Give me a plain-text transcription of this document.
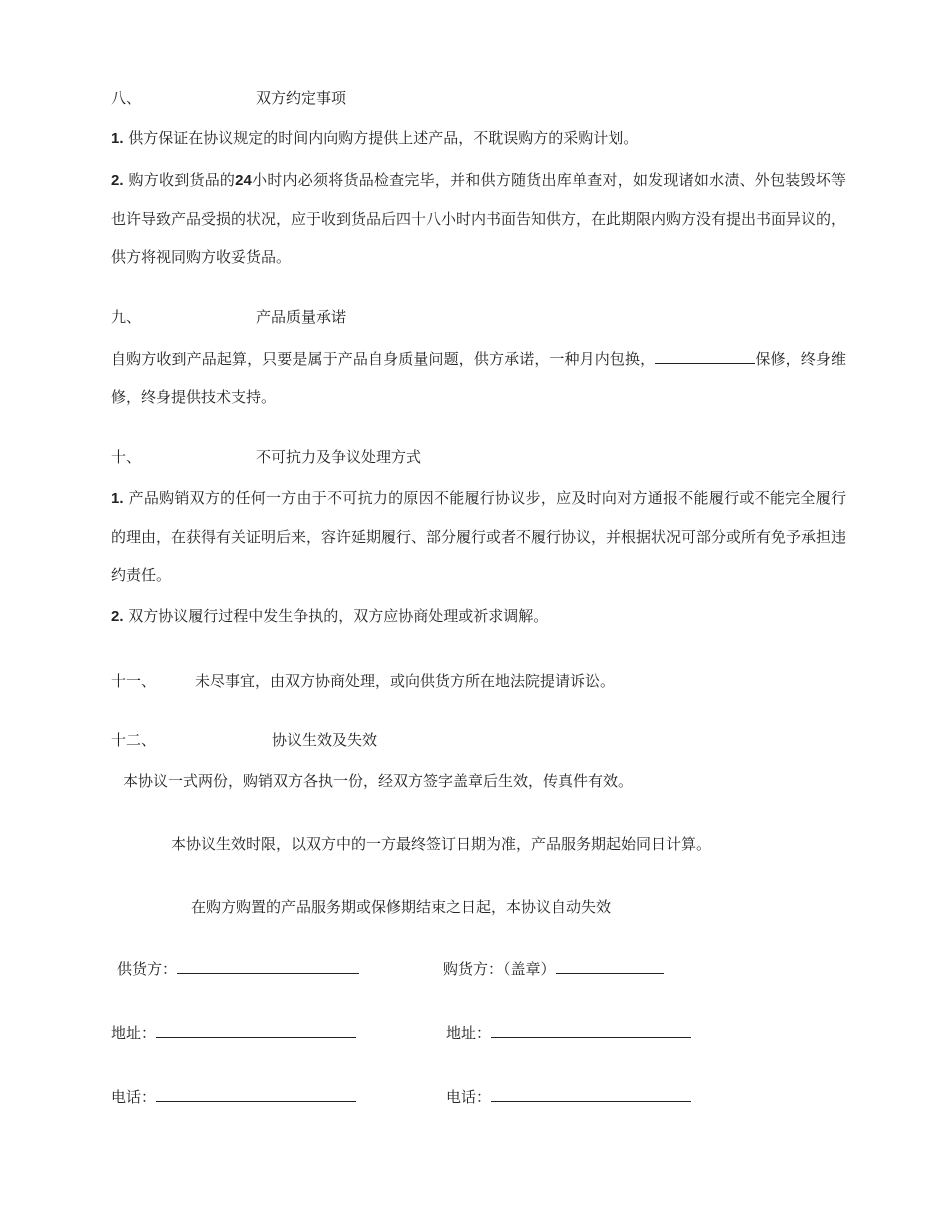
八、	双方约定事项
1. 供方保证在协议规定的时间内向购方提供上述产品，不耽误购方的采购计划。
2. 购方收到货品的24小时内必须将货品检查完毕，并和供方随货出库单查对，如发现诸如水渍、外包装毁坏等也许导致产品受损的状况，应于收到货品后四十八小时内书面告知供方，在此期限内购方没有提出书面异议的，供方将视同购方收妥货品。
九、	产品质量承诺
自购方收到产品起算，只要是属于产品自身质量问题，供方承诺，一种月内包换，	保修，终身维修，终身提供技术支持。
十、	不可抗力及争议处理方式
1. 产品购销双方的任何一方由于不可抗力的原因不能履行协议步，应及时向对方通报不能履行或不能完全履行的理由，在获得有关证明后来，容许延期履行、部分履行或者不履行协议，并根据状况可部分或所有免予承担违约责任。
2. 双方协议履行过程中发生争执的，双方应协商处理或祈求调解。
十一、	未尽事宜，由双方协商处理，或向供货方所在地法院提请诉讼。
十二、	协议生效及失效
本协议一式两份，购销双方各执一份，经双方签字盖章后生效，传真件有效。
本协议生效时限，以双方中的一方最终签订日期为准，产品服务期起始同日计算。
在购方购置的产品服务期或保修期结束之日起，本协议自动失效
供货方：	购货方：（盖章）
地址：	地址：
电话：	电话：
